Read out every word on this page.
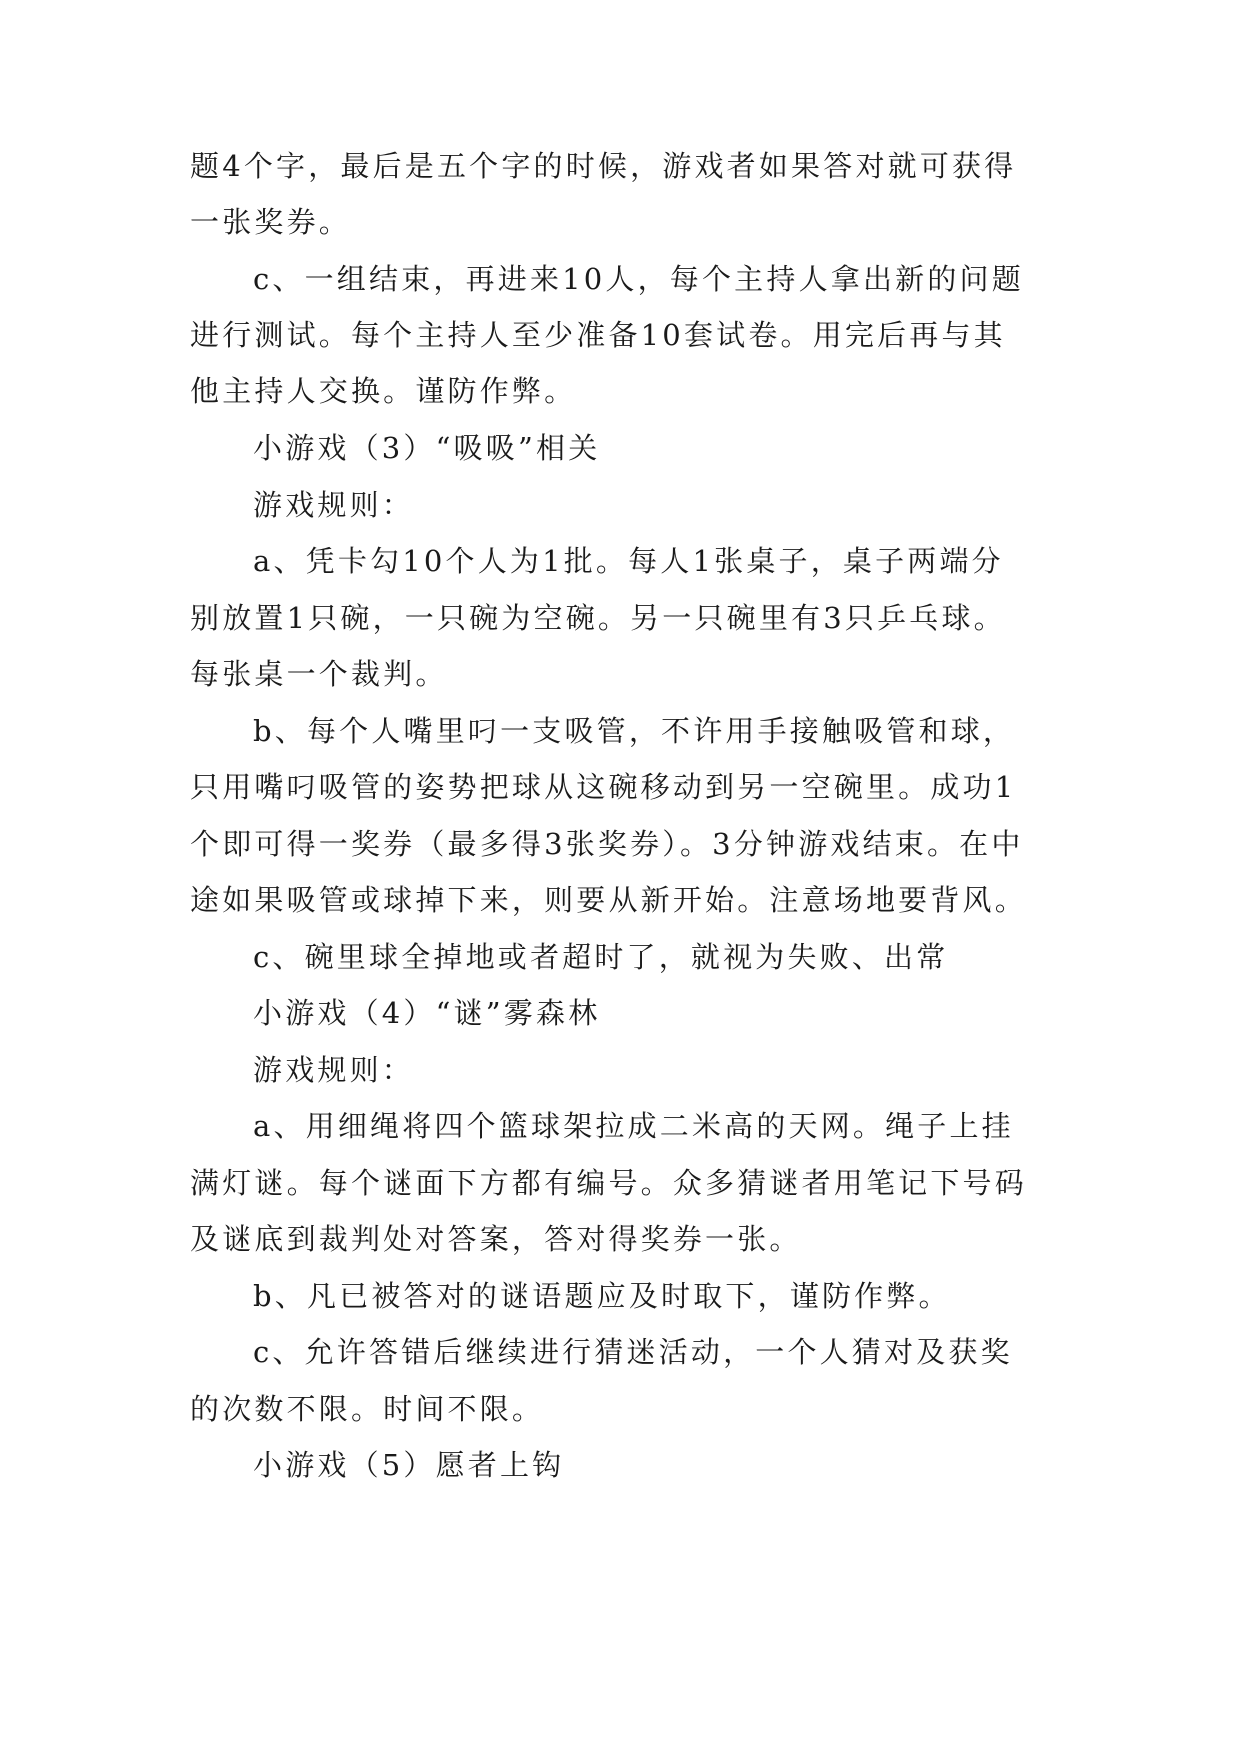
题4个字，最后是五个字的时候，游戏者如果答对就可获得

一张奖券。

c、一组结束，再进来10人，每个主持人拿出新的问题

进行测试。每个主持人至少准备10套试卷。用完后再与其

他主持人交换。谨防作弊。

小游戏（3）“吸吸”相关

游戏规则：

a、凭卡勾10个人为1批。每人1张桌子，桌子两端分

别放置1只碗，一只碗为空碗。另一只碗里有3只乒乓球。

每张桌一个裁判。

b、每个人嘴里叼一支吸管，不许用手接触吸管和球，

只用嘴叼吸管的姿势把球从这碗移动到另一空碗里。成功1

个即可得一奖券（最多得3张奖券）。3分钟游戏结束。在中

途如果吸管或球掉下来，则要从新开始。注意场地要背风。

c、碗里球全掉地或者超时了，就视为失败、出常

小游戏（4）“谜”雾森林

游戏规则：

a、用细绳将四个篮球架拉成二米高的天网。绳子上挂

满灯谜。每个谜面下方都有编号。众多猜谜者用笔记下号码

及谜底到裁判处对答案，答对得奖券一张。

b、凡已被答对的谜语题应及时取下，谨防作弊。

c、允许答错后继续进行猜迷活动，一个人猜对及获奖

的次数不限。时间不限。

小游戏（5）愿者上钩
